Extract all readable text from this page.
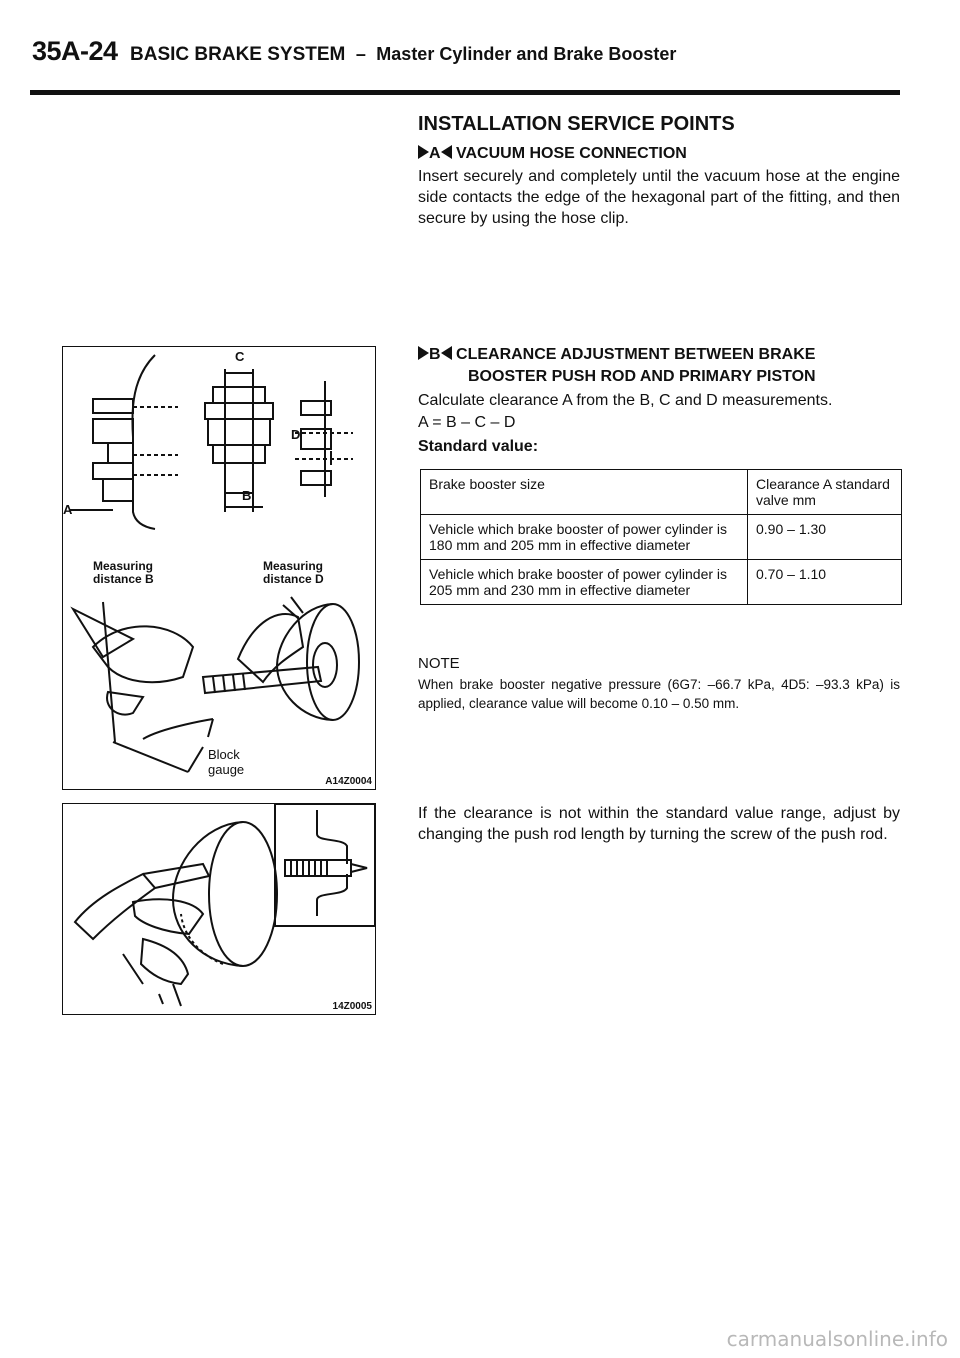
35A-24 BASIC BRAKE SYSTEM – Master Cylinder and Brake Booster
INSTALLATION SERVICE POINTS
A VACUUM HOSE CONNECTION
Insert securely and completely until the vacuum hose at the engine side contacts the edge of the hexagonal part of the fitting, and then secure by using the hose clip.
B CLEARANCE ADJUSTMENT BETWEEN BRAKE
BOOSTER PUSH ROD AND PRIMARY PISTON
Calculate clearance A from the B, C and D measurements.
A = B – C – D
Standard value:
Brake booster size	Clearance A standard valve mm
Vehicle which brake booster of power cylinder is 180 mm and 205 mm in effective diameter	0.90 – 1.30
Vehicle which brake booster of power cylinder is 205 mm and 230 mm in effective diameter	0.70 – 1.10
NOTE
When brake booster negative pressure (6G7: –66.7 kPa, 4D5: –93.3 kPa) is applied, clearance value will become 0.10 – 0.50 mm.
If the clearance is not within the standard value range, adjust by changing the push rod length by turning the screw of the push rod.
C
D
A
B
Measuring
distance B
Measuring
distance D
Block
gauge
A14Z0004
14Z0005
carmanualsonline.info
